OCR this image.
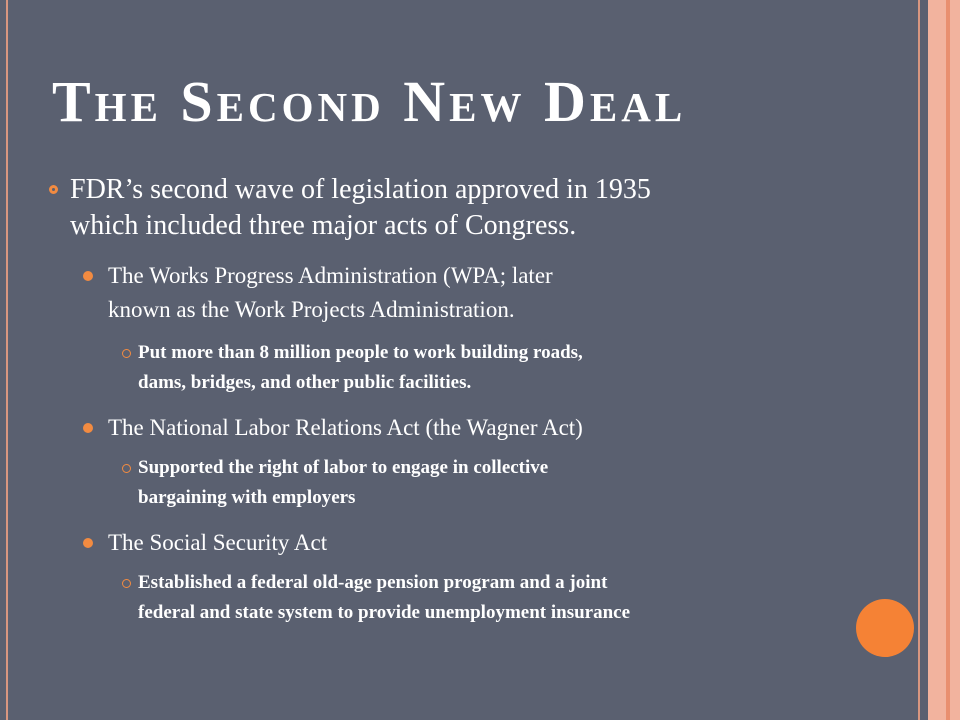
The Second New Deal
FDR’s second wave of legislation approved in 1935
which included three major acts of Congress.
The Works Progress Administration (WPA; later
known as the Work Projects Administration.
Put more than 8 million people to work building roads,
dams, bridges, and other public facilities.
The National Labor Relations Act (the Wagner Act)
Supported the right of labor to engage in collective
bargaining with employers
The Social Security Act
Established a federal old-age pension program and a joint
federal and state system to provide unemployment insurance
